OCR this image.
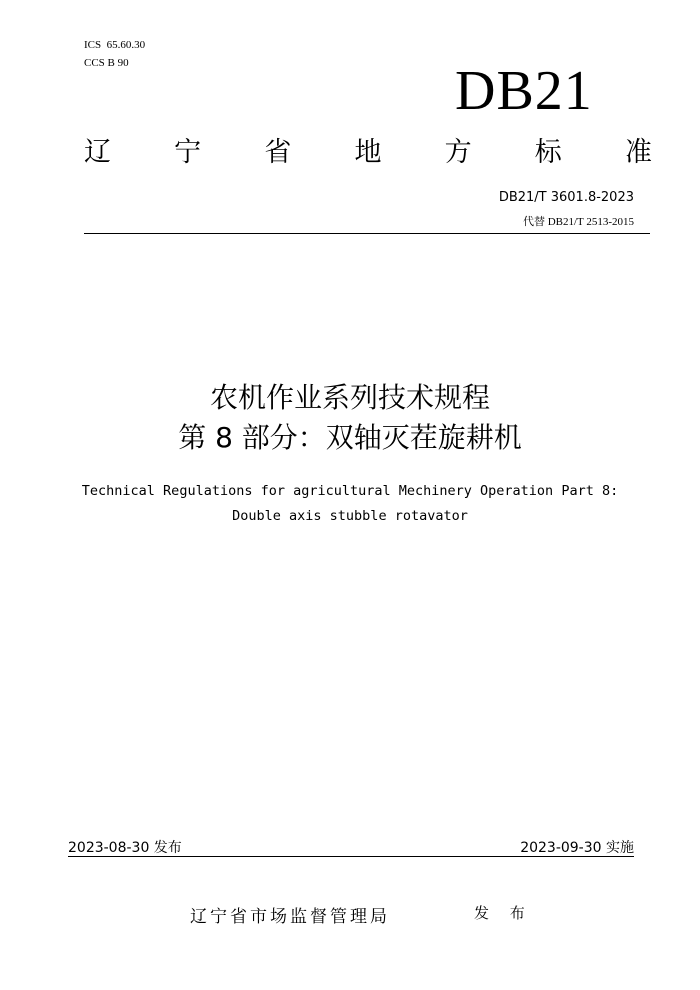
ICS  65.60.30
CCS B 90	DB21
辽 宁 省 地 方 标 准
DB21/T 3601.8-2023
代替 DB21/T 2513-2015
农机作业系列技术规程
第 8 部分：双轴灭茬旋耕机
Technical Regulations for agricultural Mechinery Operation Part 8:
Double axis stubble rotavator
2023-08-30 发布	2023-09-30 实施
辽宁省市场监督管理局	发 布
